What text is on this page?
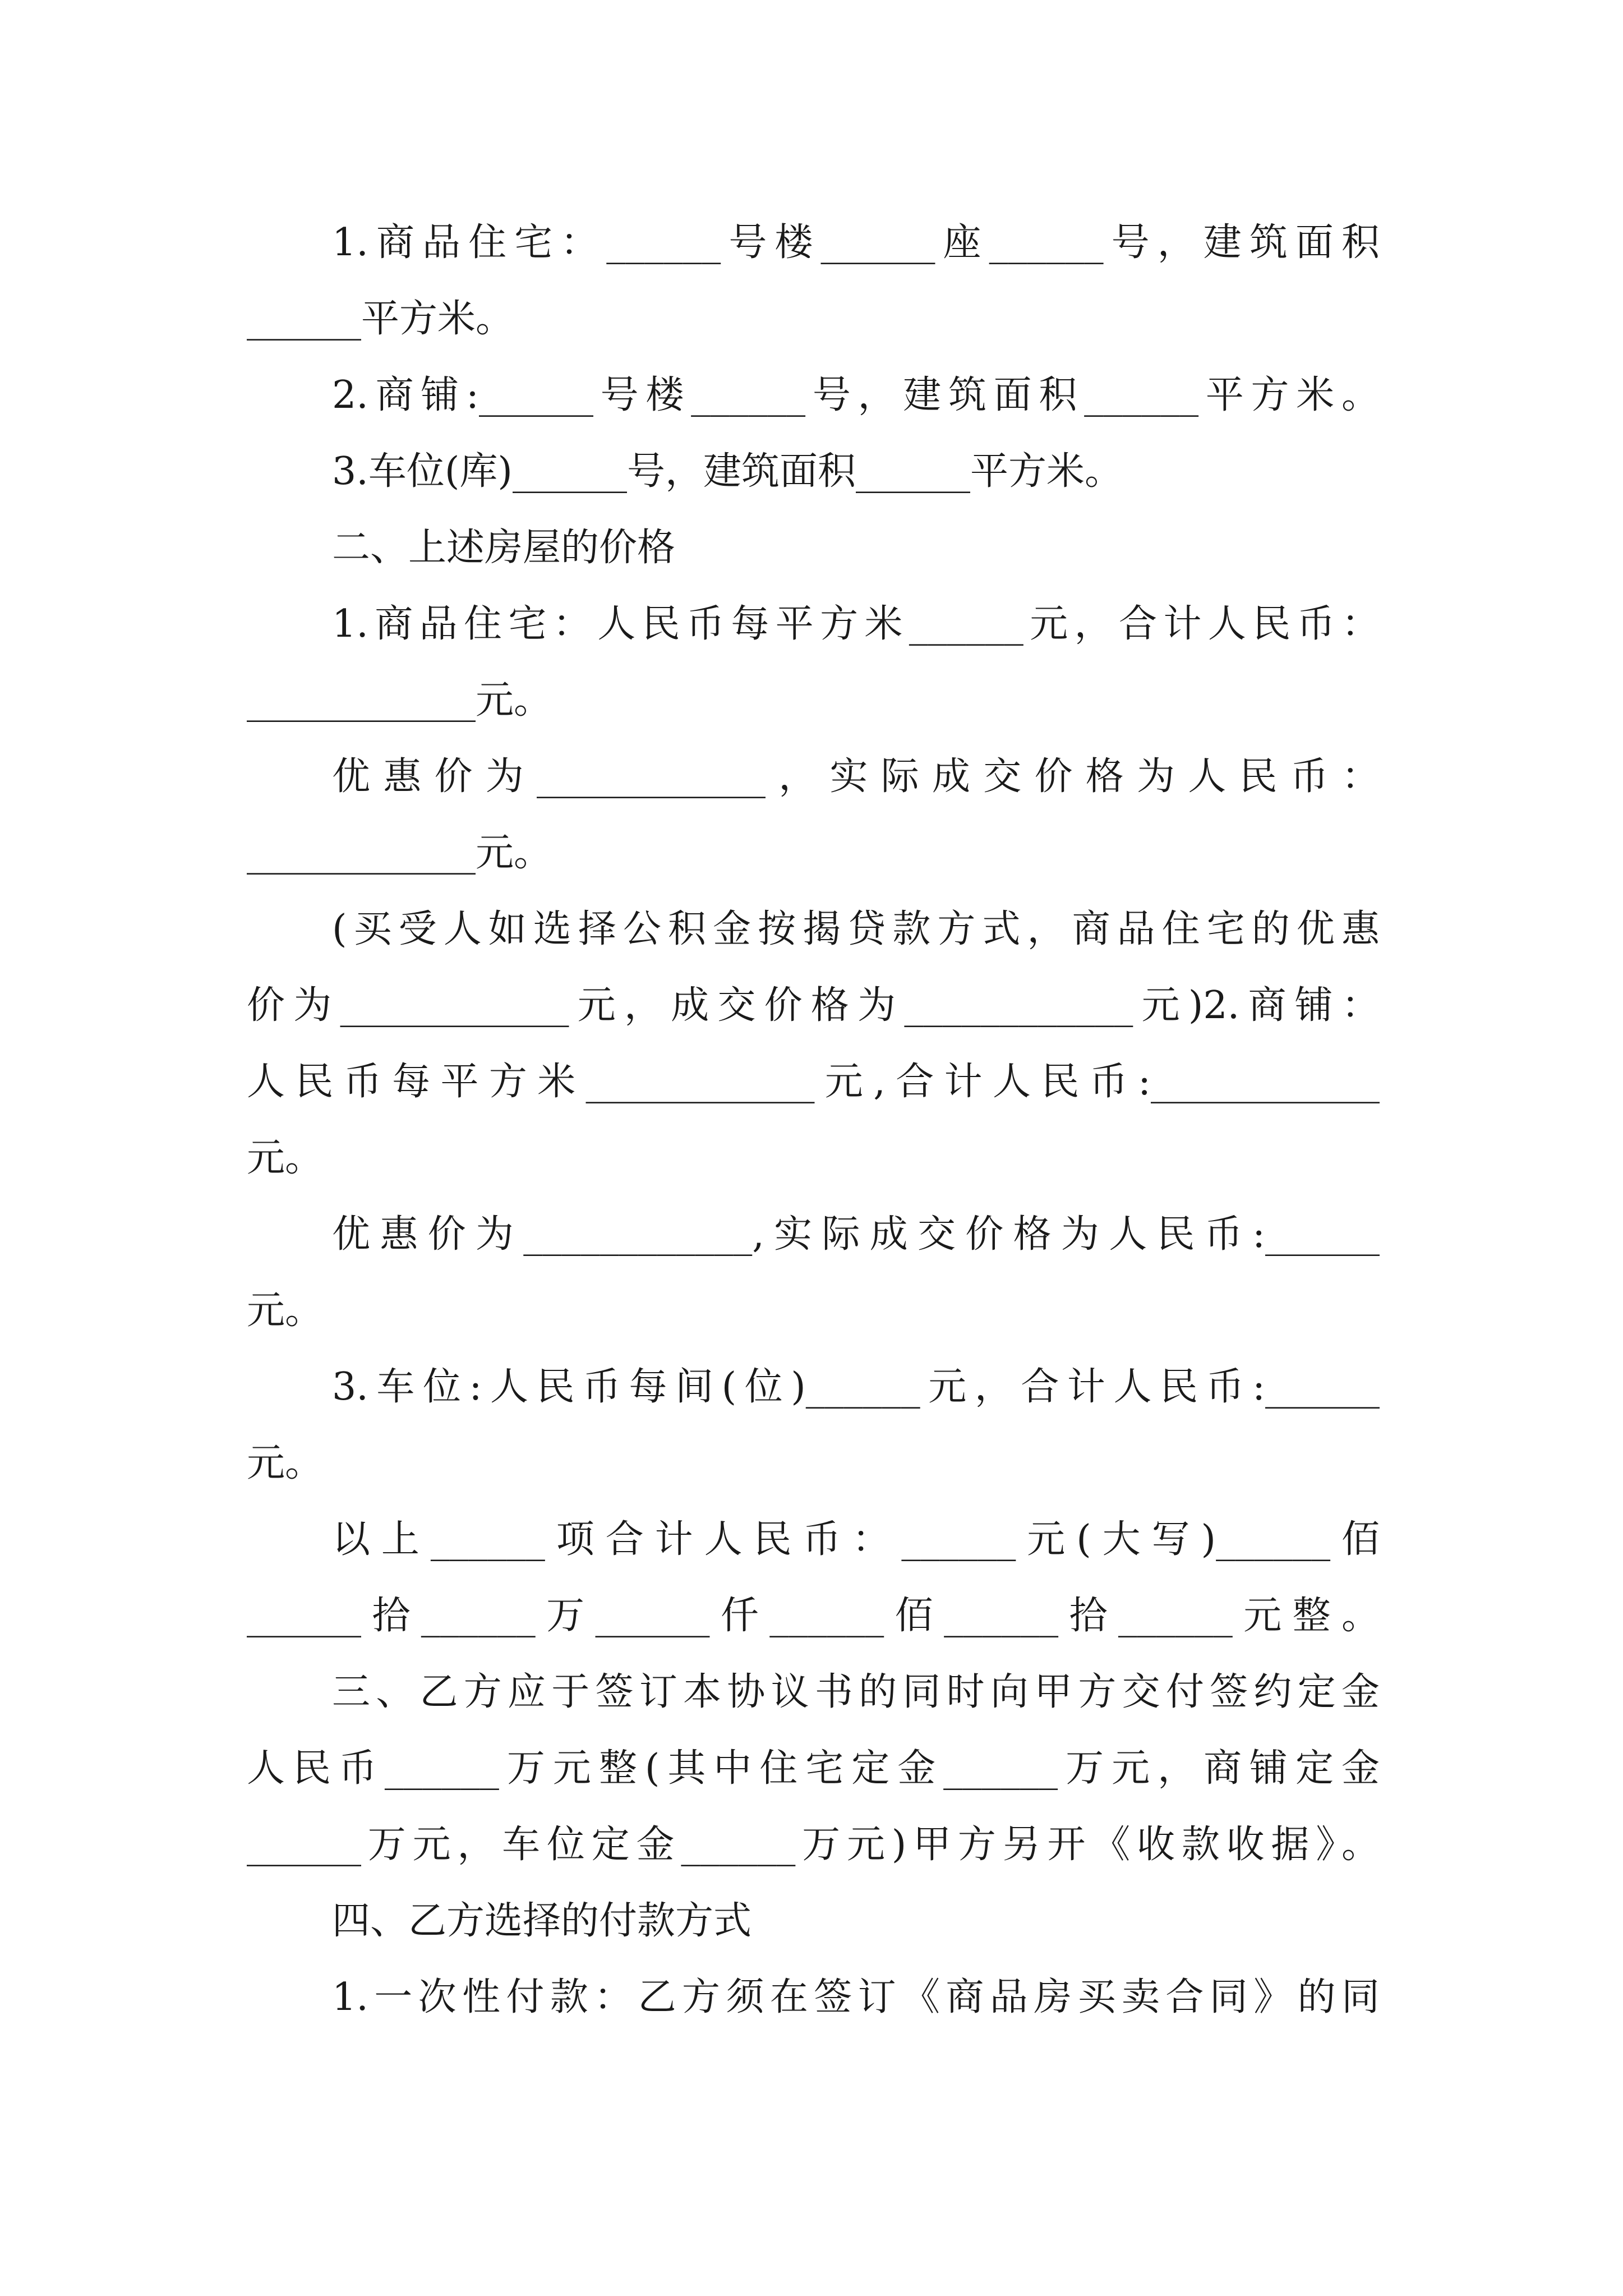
1.商品住宅：______号楼______座______号，建筑面积
______平方米。
2.商铺:______号楼______号，建筑面积______平方米。
3.车位(库)______号，建筑面积______平方米。
二、上述房屋的价格
1.商品住宅：人民币每平方米______元，合计人民币：
____________元。
优惠价为____________，实际成交价格为人民币：
____________元。
(买受人如选择公积金按揭贷款方式，商品住宅的优惠
价为____________元，成交价格为____________元)2.商铺：
人民币每平方米____________元,合计人民币:____________
元。
优惠价为____________,实际成交价格为人民币:______
元。
3.车位:人民币每间(位)______元，合计人民币:______
元。
以上______项合计人民币：______元(大写)______佰
______拾______万______仟______佰______拾______元整。
三、乙方应于签订本协议书的同时向甲方交付签约定金
人民币______万元整(其中住宅定金______万元，商铺定金
______万元，车位定金______万元)甲方另开《收款收据》。
四、乙方选择的付款方式
1.一次性付款：乙方须在签订《商品房买卖合同》的同
